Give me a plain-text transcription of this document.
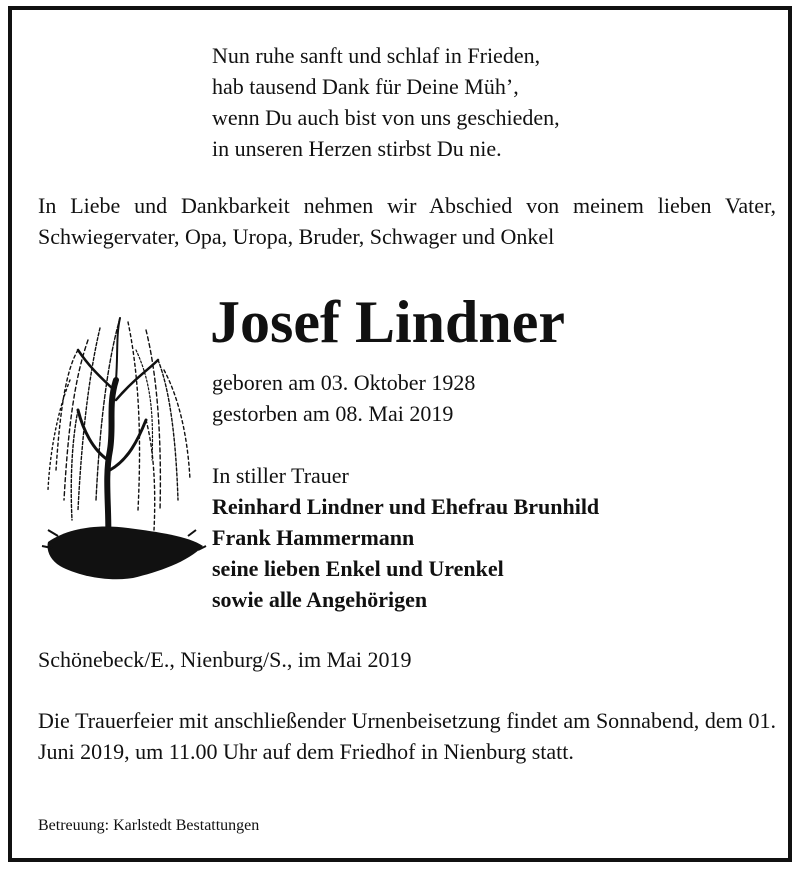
Nun ruhe sanft und schlaf in Frieden,
hab tausend Dank für Deine Müh’,
wenn Du auch bist von uns geschieden,
in unseren Herzen stirbst Du nie.
In Liebe und Dankbarkeit nehmen wir Abschied von meinem lieben Vater, Schwiegervater, Opa, Uropa, Bruder, Schwager und Onkel
Josef Lindner
geboren am 03. Oktober 1928
gestorben am 08. Mai 2019
In stiller Trauer
Reinhard Lindner und Ehefrau Brunhild
Frank Hammermann
seine lieben Enkel und Urenkel
sowie alle Angehörigen
Schönebeck/E., Nienburg/S., im Mai 2019
Die Trauerfeier mit anschließender Urnenbeisetzung findet am Sonnabend, dem 01. Juni 2019, um 11.00 Uhr auf dem Friedhof in Nienburg statt.
Betreuung: Karlstedt Bestattungen
